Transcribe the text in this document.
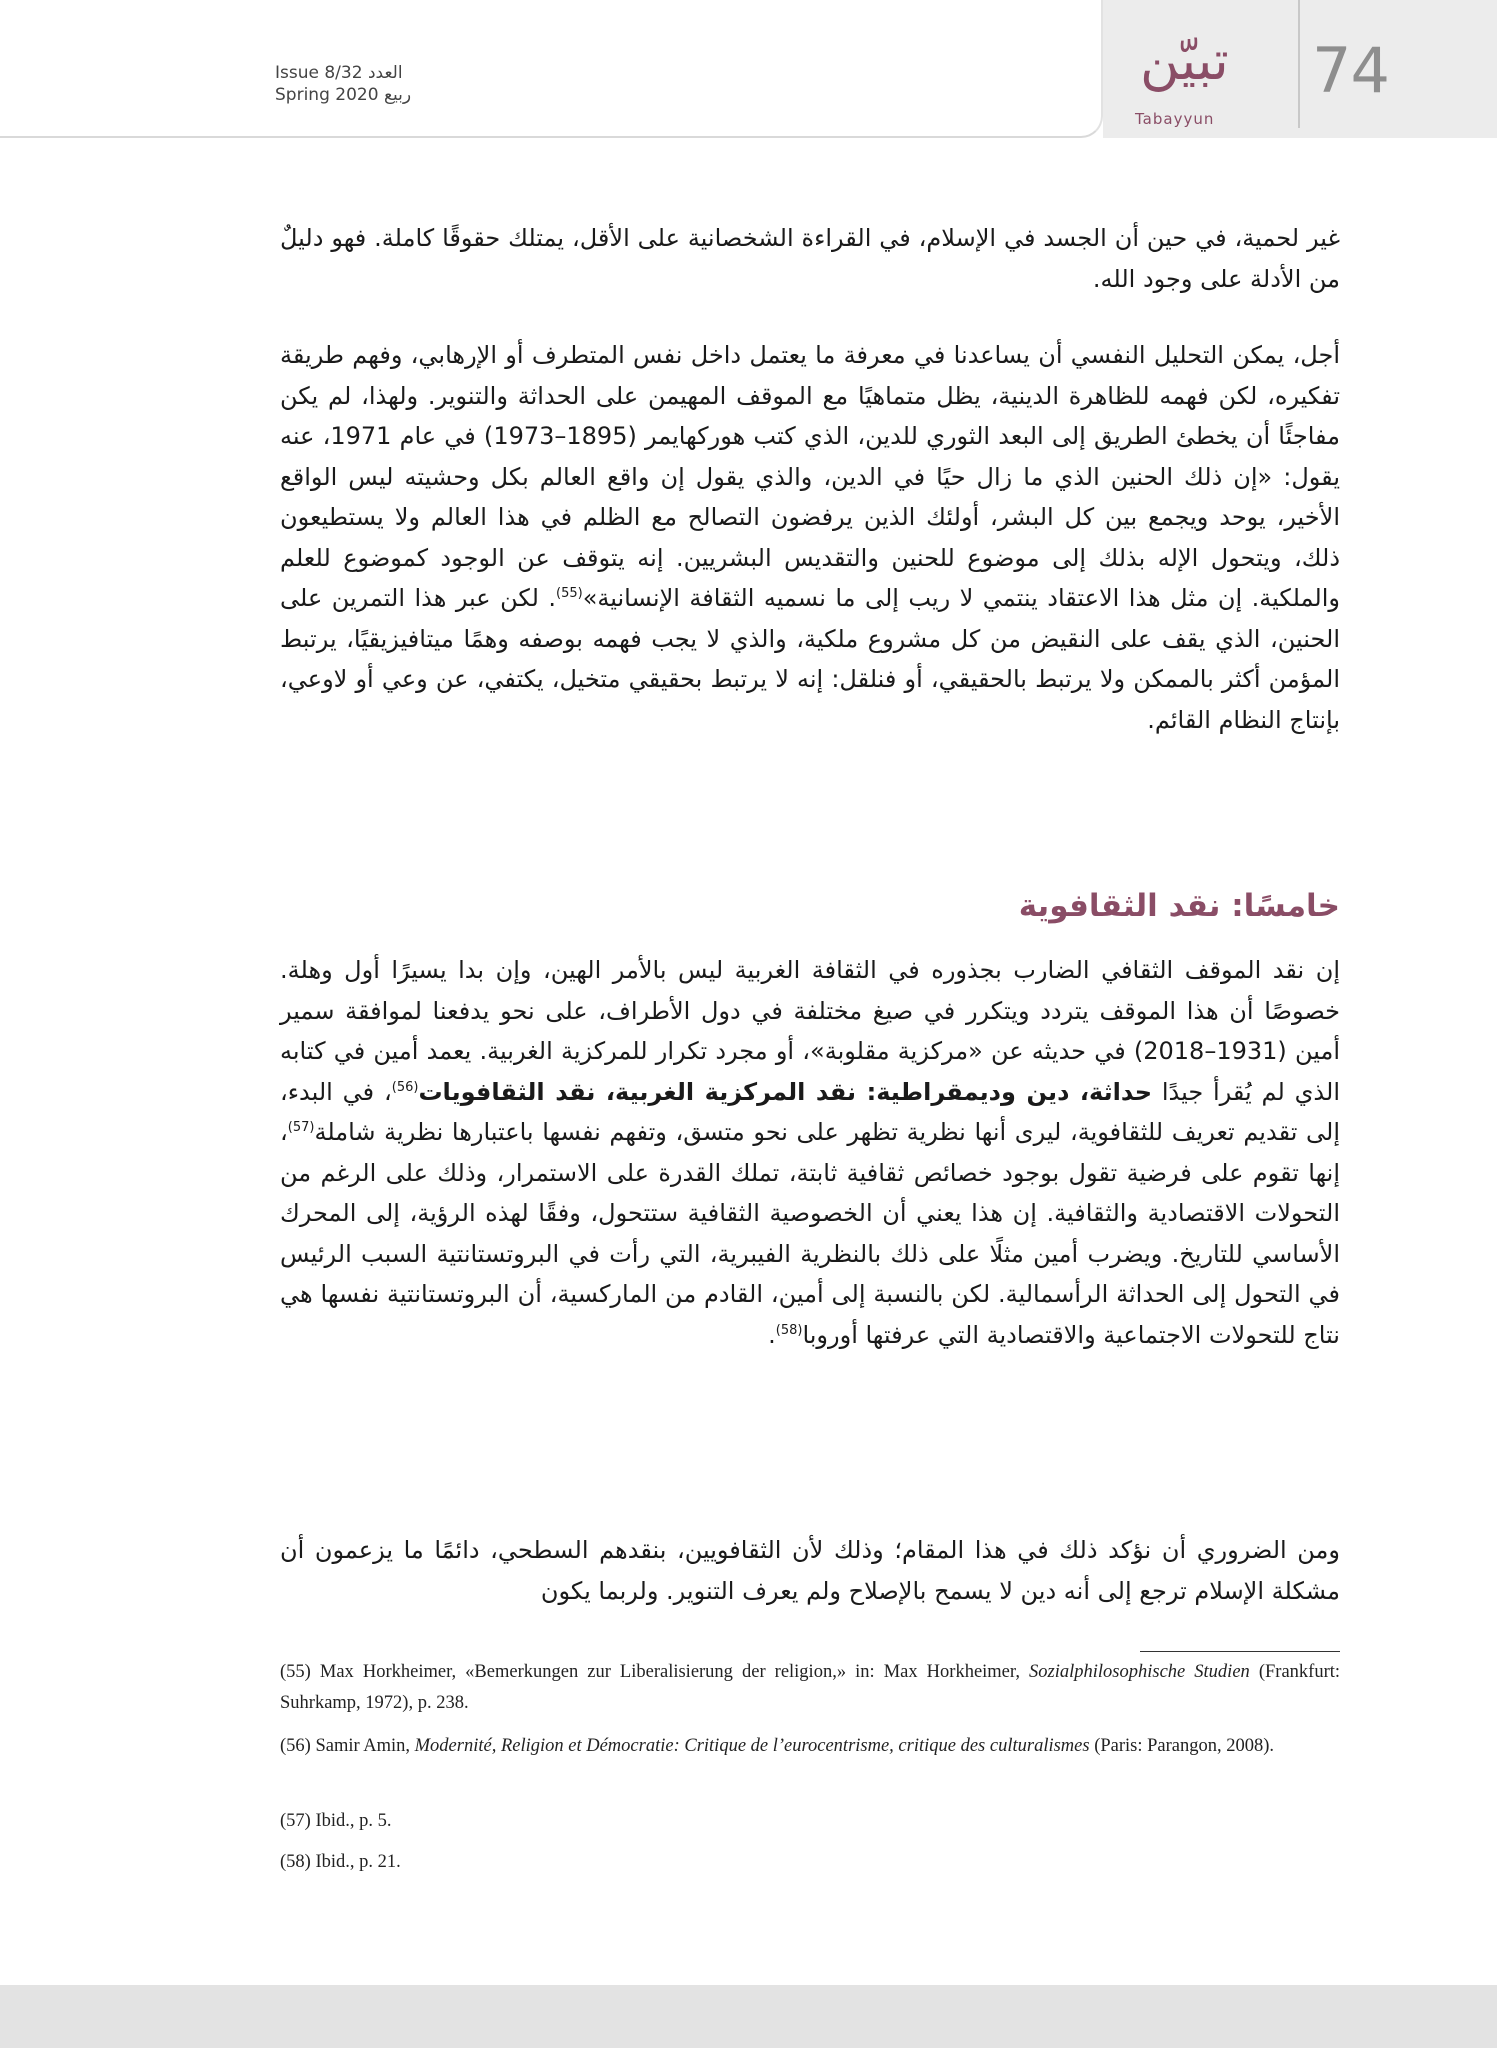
Issue 8/32 العدد
Spring 2020 ربيع
تبيّن
Tabayyun
74

غير لحمية، في حين أن الجسد في الإسلام، في القراءة الشخصانية على الأقل، يمتلك حقوقًا كاملة. فهو دليلٌ من الأدلة على وجود الله.

أجل، يمكن التحليل النفسي أن يساعدنا في معرفة ما يعتمل داخل نفس المتطرف أو الإرهابي، وفهم طريقة تفكيره، لكن فهمه للظاهرة الدينية، يظل متماهيًا مع الموقف المهيمن على الحداثة والتنوير. ولهذا، لم يكن مفاجئًا أن يخطئ الطريق إلى البعد الثوري للدين، الذي كتب هوركهايمر (1895–1973) في عام 1971، عنه يقول: «إن ذلك الحنين الذي ما زال حيًا في الدين، والذي يقول إن واقع العالم بكل وحشيته ليس الواقع الأخير، يوحد ويجمع بين كل البشر، أولئك الذين يرفضون التصالح مع الظلم في هذا العالم ولا يستطيعون ذلك، ويتحول الإله بذلك إلى موضوع للحنين والتقديس البشريين. إنه يتوقف عن الوجود كموضوع للعلم والملكية. إن مثل هذا الاعتقاد ينتمي لا ريب إلى ما نسميه الثقافة الإنسانية»$^{(55)}$. لكن عبر هذا التمرين على الحنين، الذي يقف على النقيض من كل مشروع ملكية، والذي لا يجب فهمه بوصفه وهمًا ميتافيزيقيًا، يرتبط المؤمن أكثر بالممكن ولا يرتبط بالحقيقي، أو فنلقل: إنه لا يرتبط بحقيقي متخيل، يكتفي، عن وعي أو لاوعي، بإنتاج النظام القائم.

خامسًا: نقد الثقافوية

إن نقد الموقف الثقافي الضارب بجذوره في الثقافة الغربية ليس بالأمر الهين، وإن بدا يسيرًا أول وهلة. خصوصًا أن هذا الموقف يتردد ويتكرر في صيغ مختلفة في دول الأطراف، على نحو يدفعنا لموافقة سمير أمين (1931–2018) في حديثه عن «مركزية مقلوبة»، أو مجرد تكرار للمركزية الغربية. يعمد أمين في كتابه الذي لم يُقرأ جيدًا حداثة، دين وديمقراطية: نقد المركزية الغربية، نقد الثقافويات$^{(56)}$، في البدء، إلى تقديم تعريف للثقافوية، ليرى أنها نظرية تظهر على نحو متسق، وتفهم نفسها باعتبارها نظرية شاملة$^{(57)}$، إنها تقوم على فرضية تقول بوجود خصائص ثقافية ثابتة، تملك القدرة على الاستمرار، وذلك على الرغم من التحولات الاقتصادية والثقافية. إن هذا يعني أن الخصوصية الثقافية ستتحول، وفقًا لهذه الرؤية، إلى المحرك الأساسي للتاريخ. ويضرب أمين مثلًا على ذلك بالنظرية الفيبرية، التي رأت في البروتستانتية السبب الرئيس في التحول إلى الحداثة الرأسمالية. لكن بالنسبة إلى أمين، القادم من الماركسية، أن البروتستانتية نفسها هي نتاج للتحولات الاجتماعية والاقتصادية التي عرفتها أوروبا$^{(58)}$.

ومن الضروري أن نؤكد ذلك في هذا المقام؛ وذلك لأن الثقافويين، بنقدهم السطحي، دائمًا ما يزعمون أن مشكلة الإسلام ترجع إلى أنه دين لا يسمح بالإصلاح ولم يعرف التنوير. ولربما يكون

(55) Max Horkheimer, «Bemerkungen zur Liberalisierung der religion,» in: Max Horkheimer, Sozialphilosophische Studien (Frankfurt: Suhrkamp, 1972), p. 238.

(56) Samir Amin, Modernité, Religion et Démocratie: Critique de l’eurocentrisme, critique des culturalismes (Paris: Parangon, 2008).

(57) Ibid., p. 5.

(58) Ibid., p. 21.
